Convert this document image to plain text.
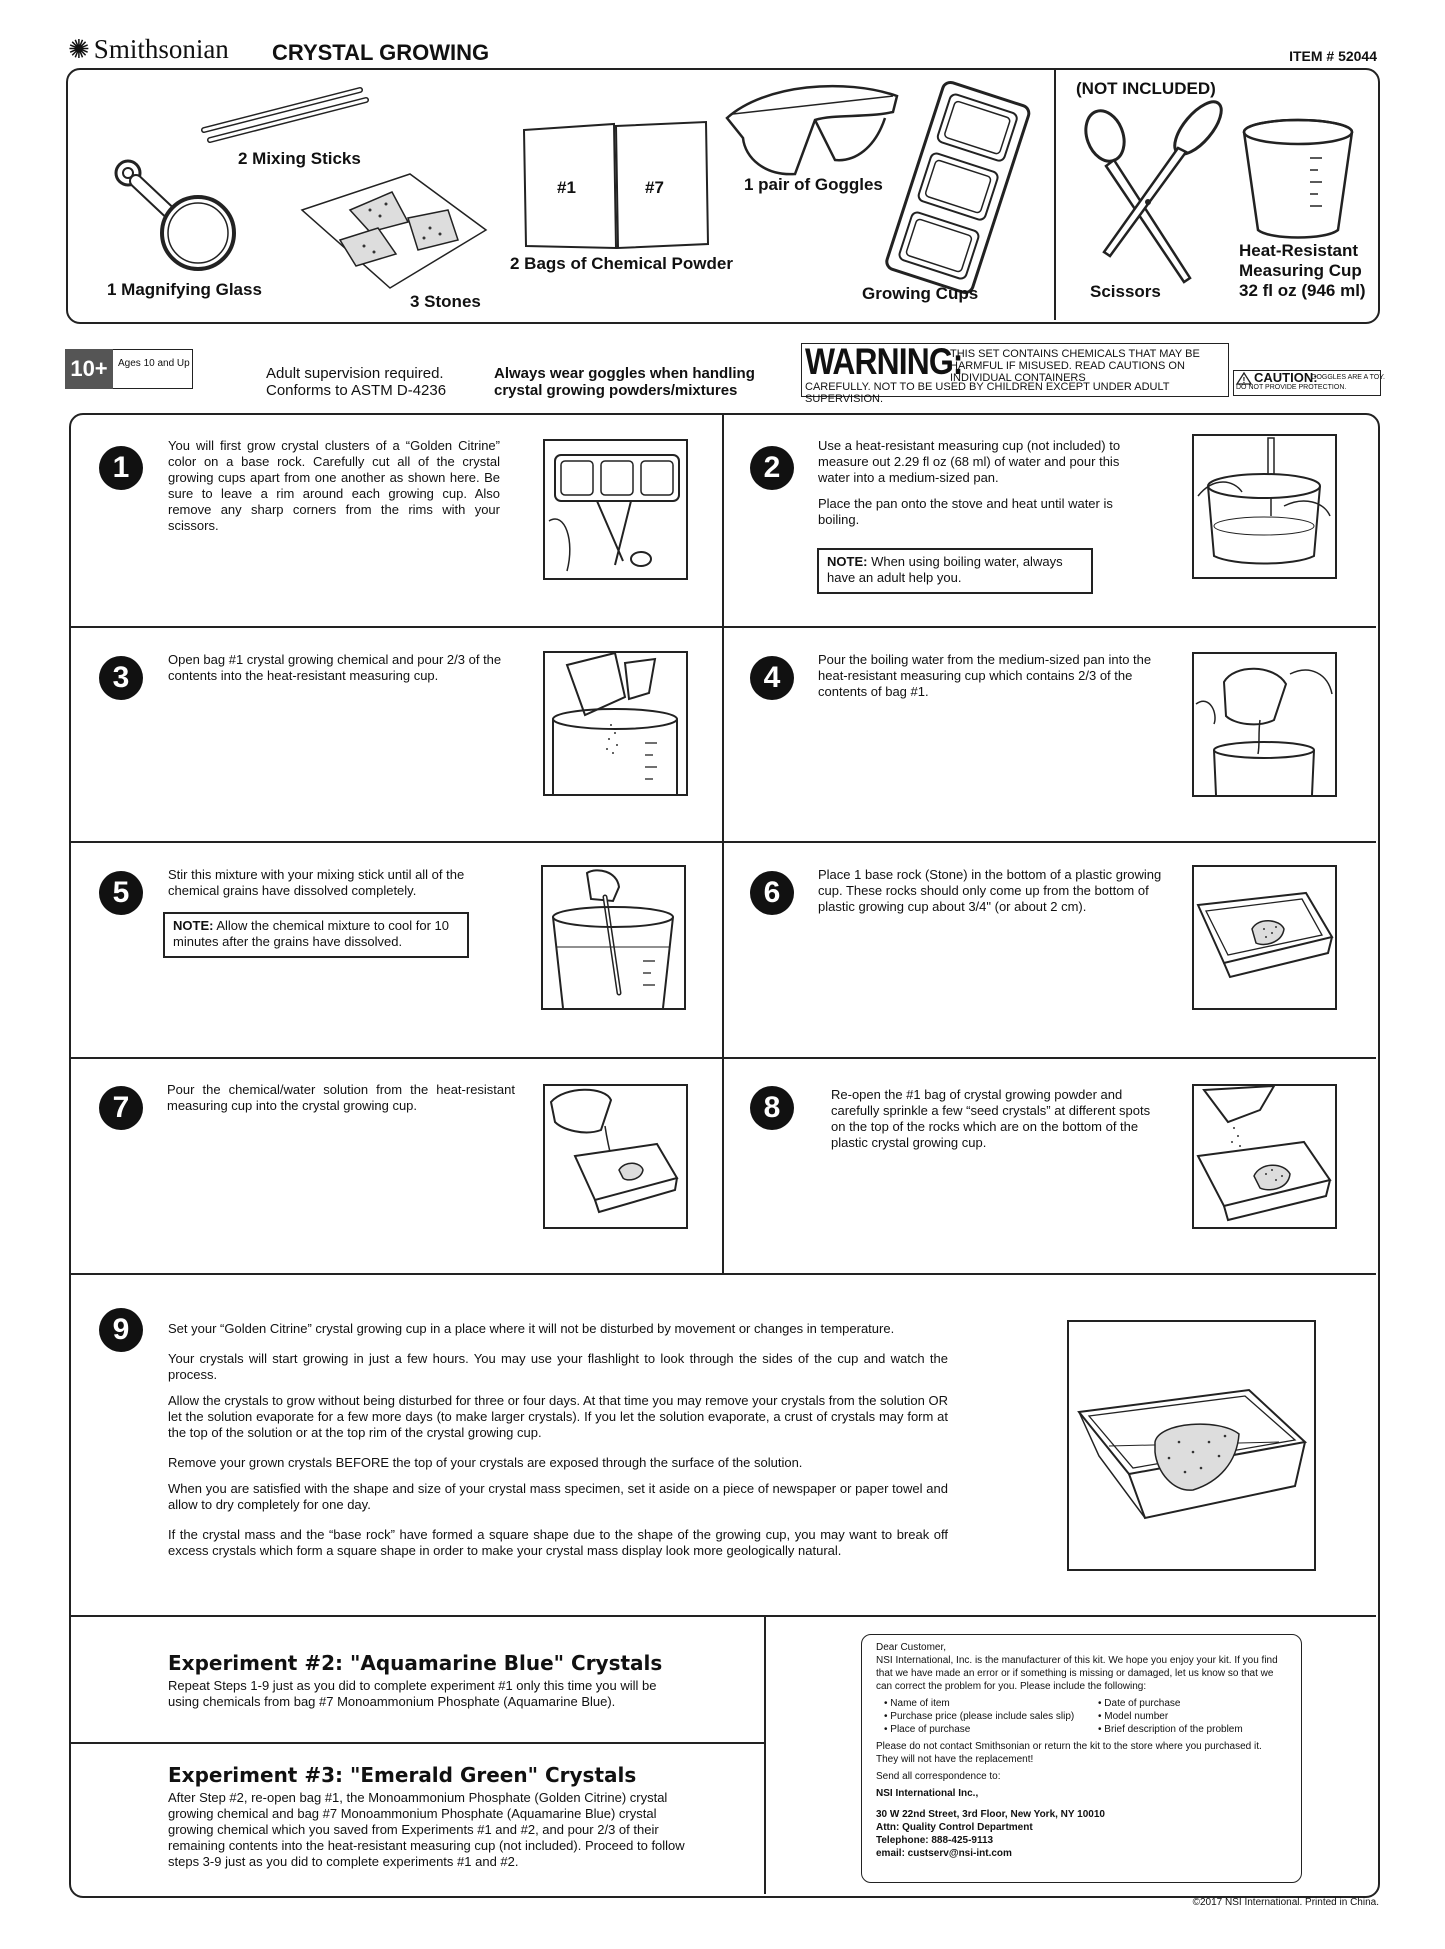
✺ Smithsonian CRYSTAL GROWING	ITEM # 52044
2 Mixing Sticks
1 Magnifying Glass
3 Stones
#1	#7
2 Bags of Chemical Powder
1 pair of Goggles
Growing Cups
(NOT INCLUDED)
Scissors
Heat-Resistant
Measuring Cup
32 fl oz (946 ml)
10+	Ages 10 and Up
Adult supervision required.
Conforms to ASTM D-4236
Always wear goggles when handling
crystal growing powders/mixtures
WARNING:
THIS SET CONTAINS CHEMICALS THAT MAY BE HARMFUL IF MISUSED. READ CAUTIONS ON INDIVIDUAL CONTAINERS
CAREFULLY. NOT TO BE USED BY CHILDREN EXCEPT UNDER ADULT SUPERVISION.
! CAUTION:
GOGGLES ARE A TOY.
DO NOT PROVIDE PROTECTION.
1
You will first grow crystal clusters of a “Golden Citrine” color on a base rock. Carefully cut all of the crystal growing cups apart from one another as shown here. Be sure to leave a rim around each growing cup. Also remove any sharp corners from the rims with your scissors.
2

Use a heat-resistant measuring cup (not included) to measure out 2.29 fl oz (68 ml) of water and pour this water into a medium-sized pan.

Place the pan onto the stove and heat until water is boiling.

NOTE: When using boiling water, always have an adult help you.
3
Open bag #1 crystal growing chemical and pour 2/3 of the contents into the heat-resistant measuring cup.	4
Pour the boiling water from the medium-sized pan into the heat-resistant measuring cup which contains 2/3 of the contents of bag #1.
5
Stir this mixture with your mixing stick until all of the chemical grains have dissolved completely.
NOTE: Allow the chemical mixture to cool for 10 minutes after the grains have dissolved.
6
Place 1 base rock (Stone) in the bottom of a plastic growing cup. These rocks should only come up from the bottom of plastic growing cup about 3/4" (or about 2 cm).
7
Pour the chemical/water solution from the heat-resistant measuring cup into the crystal growing cup.	8	Re-open the #1 bag of crystal growing powder and carefully sprinkle a few “seed crystals” at different spots on the top of the rocks which are on the bottom of the plastic crystal growing cup.
9	Set your “Golden Citrine” crystal growing cup in a place where it will not be disturbed by movement or changes in temperature.

Your crystals will start growing in just a few hours. You may use your flashlight to look through the sides of the cup and watch the process.

Allow the crystals to grow without being disturbed for three or four days. At that time you may remove your crystals from the solution OR let the solution evaporate for a few more days (to make larger crystals). If you let the solution evaporate, a crust of crystals may form at the top of the solution or at the top rim of the crystal growing cup.

Remove your grown crystals BEFORE the top of your crystals are exposed through the surface of the solution.

When you are satisfied with the shape and size of your crystal mass specimen, set it aside on a piece of newspaper or paper towel and allow to dry completely for one day.

If the crystal mass and the “base rock” have formed a square shape due to the shape of the growing cup, you may want to break off excess crystals which form a square shape in order to make your crystal mass display look more geologically natural.

Experiment #2: "Aquamarine Blue" Crystals
Repeat Steps 1-9 just as you did to complete experiment #1 only this time you will be using chemicals from bag #7 Monoammonium Phosphate (Aquamarine Blue).
Experiment #3: "Emerald Green" Crystals
After Step #2, re-open bag #1, the Monoammonium Phosphate (Golden Citrine) crystal growing chemical and bag #7 Monoammonium Phosphate (Aquamarine Blue) crystal growing chemical which you saved from Experiments #1 and #2, and pour 2/3 of their remaining contents into the heat-resistant measuring cup (not included). Proceed to follow steps 3-9 just as you did to complete experiments #1 and #2.
Dear Customer,
NSI International, Inc. is the manufacturer of this kit. We hope you enjoy your kit. If you find that we have made an error or if something is missing or damaged, let us know so that we can correct the problem for you. Please include the following:
• Name of item
• Purchase price (please include sales slip)
• Place of purchase
• Date of purchase
• Model number
• Brief description of the problem
Please do not contact Smithsonian or return the kit to the store where you purchased it. They will not have the replacement!
Send all correspondence to:
NSI International Inc.,
30 W 22nd Street, 3rd Floor, New York, NY 10010
Attn: Quality Control Department
Telephone: 888-425-9113
email: custserv@nsi-int.com
©2017 NSI International. Printed in China.
